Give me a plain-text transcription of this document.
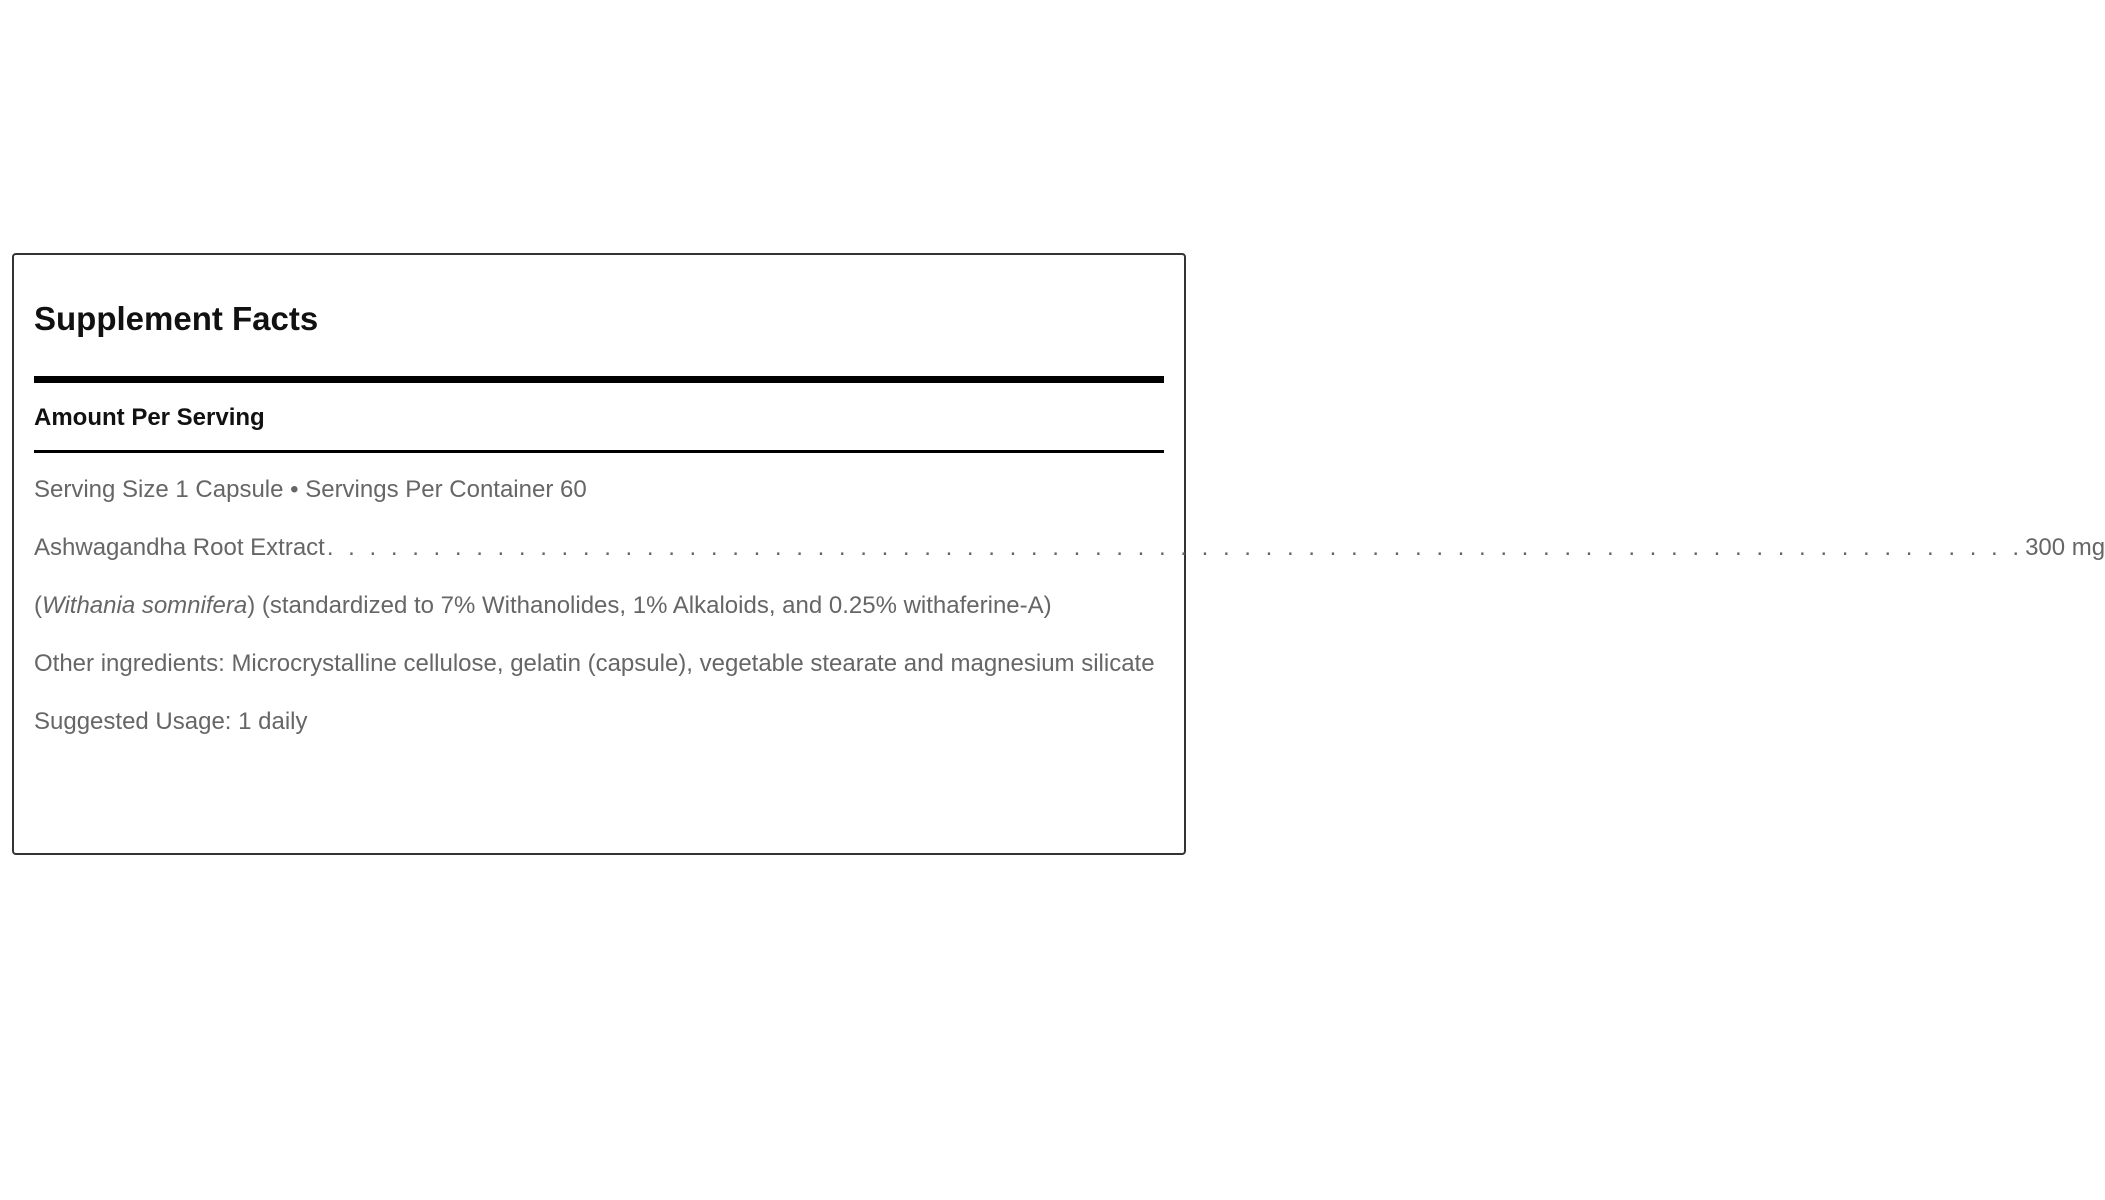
Supplement Facts
Amount Per Serving
Serving Size 1 Capsule • Servings Per Container 60
Ashwagandha Root Extract . . . . . . . . . . . . . . . . . . . . . . . . . . . . . . . . . . . . . . . . . . . . . . . . . . . . . . . . . . . . . . . . . . . . . . . . . . . . . . . . 300 mg
(Withania somnifera) (standardized to 7% Withanolides, 1% Alkaloids, and 0.25% withaferine-A)
Other ingredients: Microcrystalline cellulose, gelatin (capsule), vegetable stearate and magnesium silicate
Suggested Usage: 1 daily
